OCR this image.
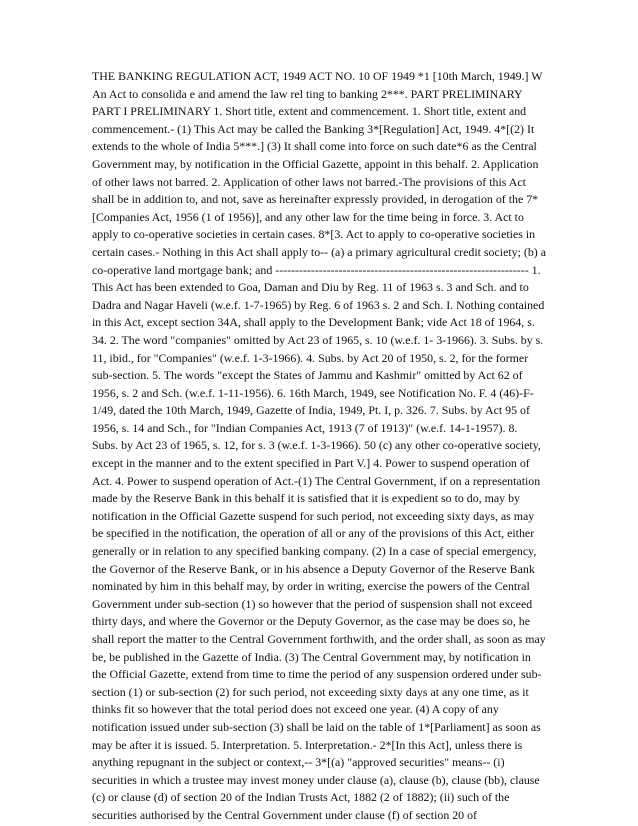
THE BANKING REGULATION ACT, 1949 ACT NO. 10 OF 1949 *1 [10th March, 1949.] W An Act to consolida e and amend the law rel ting to banking 2***. PART PRELIMINARY PART I PRELIMINARY 1. Short title, extent and commencement. 1. Short title, extent and commencement.- (1) This Act may be called the Banking 3*[Regulation] Act, 1949. 4*[(2) It extends to the whole of India 5***.] (3) It shall come into force on such date*6 as the Central Government may, by notification in the Official Gazette, appoint in this behalf. 2. Application of other laws not barred. 2. Application of other laws not barred.-The provisions of this Act shall be in addition to, and not, save as hereinafter expressly provided, in derogation of the 7*[Companies Act, 1956 (1 of 1956)], and any other law for the time being in force. 3. Act to apply to co-operative societies in certain cases. 8*[3. Act to apply to co-operative societies in certain cases.- Nothing in this Act shall apply to-- (a) a primary agricultural credit society; (b) a co-operative land mortgage bank; and ---------------------------------------------------------------- 1. This Act has been extended to Goa, Daman and Diu by Reg. 11 of 1963 s. 3 and Sch. and to Dadra and Nagar Haveli (w.e.f. 1-7-1965) by Reg. 6 of 1963 s. 2 and Sch. I. Nothing contained in this Act, except section 34A, shall apply to the Development Bank; vide Act 18 of 1964, s. 34. 2. The word "companies" omitted by Act 23 of 1965, s. 10 (w.e.f. 1- 3-1966). 3. Subs. by s. 11, ibid., for "Companies" (w.e.f. 1-3-1966). 4. Subs. by Act 20 of 1950, s. 2, for the former sub-section. 5. The words "except the States of Jammu and Kashmir" omitted by Act 62 of 1956, s. 2 and Sch. (w.e.f. 1-11-1956). 6. 16th March, 1949, see Notification No. F. 4 (46)-F-1/49, dated the 10th March, 1949, Gazette of India, 1949, Pt. I, p. 326. 7. Subs. by Act 95 of 1956, s. 14 and Sch., for "Indian Companies Act, 1913 (7 of 1913)" (w.e.f. 14-1-1957). 8. Subs. by Act 23 of 1965, s. 12, for s. 3 (w.e.f. 1-3-1966). 50 (c) any other co-operative society, except in the manner and to the extent specified in Part V.] 4. Power to suspend operation of Act. 4. Power to suspend operation of Act.-(1) The Central Government, if on a representation made by the Reserve Bank in this behalf it is satisfied that it is expedient so to do, may by notification in the Official Gazette suspend for such period, not exceeding sixty days, as may be specified in the notification, the operation of all or any of the provisions of this Act, either generally or in relation to any specified banking company. (2) In a case of special emergency, the Governor of the Reserve Bank, or in his absence a Deputy Governor of the Reserve Bank nominated by him in this behalf may, by order in writing, exercise the powers of the Central Government under sub-section (1) so however that the period of suspension shall not exceed thirty days, and where the Governor or the Deputy Governor, as the case may be does so, he shall report the matter to the Central Government forthwith, and the order shall, as soon as may be, be published in the Gazette of India. (3) The Central Government may, by notification in the Official Gazette, extend from time to time the period of any suspension ordered under sub-section (1) or sub-section (2) for such period, not exceeding sixty days at any one time, as it thinks fit so however that the total period does not exceed one year. (4) A copy of any notification issued under sub-section (3) shall be laid on the table of 1*[Parliament] as soon as may be after it is issued. 5. Interpretation. 5. Interpretation.- 2*[In this Act], unless there is anything repugnant in the subject or context,-- 3*[(a) "approved securities" means-- (i) securities in which a trustee may invest money under clause (a), clause (b), clause (bb), clause (c) or clause (d) of section 20 of the Indian Trusts Act, 1882 (2 of 1882); (ii) such of the securities authorised by the Central Government under clause (f) of section 20 of
